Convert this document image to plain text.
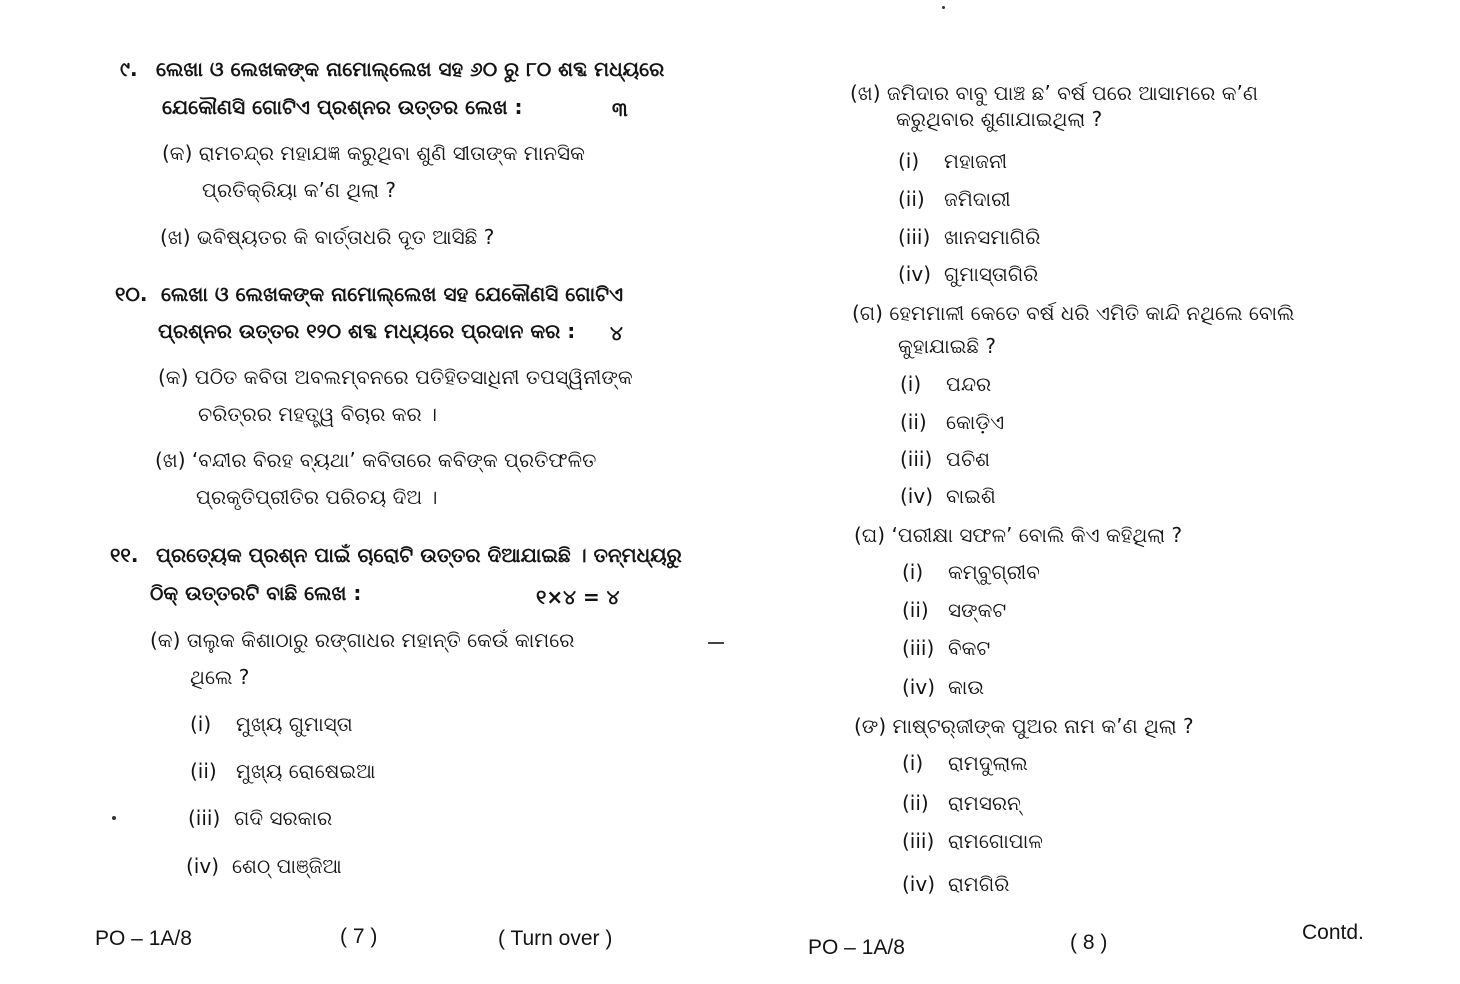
୯. ଲେଖା ଓ ଲେଖକଙ୍କ ନାମୋଲ୍ଲେଖ ସହ ୬୦ ରୁ ୮୦ ଶବ୍ଦ ମଧ୍ୟରେ
ଯେକୌଣସି ଗୋଟିଏ ପ୍ରଶ୍ନର ଉତ୍ତର ଲେଖ :	୩
(କ) ରାମଚନ୍ଦ୍ର ମହାଯଜ୍ଞ କରୁଥିବା ଶୁଣି ସୀତାଙ୍କ ମାନସିକ
ପ୍ରତିକ୍ରିୟା କ’ଣ ଥିଲା ?
(ଖ) ଭବିଷ୍ୟତର କି ବାର୍ତ୍ତାଧରି ଦୂତ ଆସିଛି ?
୧୦. ଲେଖା ଓ ଲେଖକଙ୍କ ନାମୋଲ୍ଲେଖ ସହ ଯେକୌଣସି ଗୋଟିଏ
ପ୍ରଶ୍ନର ଉତ୍ତର ୧୨୦ ଶବ୍ଦ ମଧ୍ୟରେ ପ୍ରଦାନ କର : ୪
(କ) ପଠିତ କବିତା ଅବଲମ୍ବନରେ ପତିହିତସାଧିନୀ ତପସ୍ୱିନୀଙ୍କ
ଚରିତ୍ରର ମହତ୍ତ୍ୱ ବିଚାର କର ।
(ଖ) ‘ବନ୍ଦୀର ବିରହ ବ୍ୟଥା’ କବିତାରେ କବିଙ୍କ ପ୍ରତିଫଳିତ
ପ୍ରକୃତିପ୍ରୀତିର ପରିଚୟ ଦିଅ ।
୧୧. ପ୍ରତ୍ୟେକ ପ୍ରଶ୍ନ ପାଇଁ ଚାରୋଟି ଉତ୍ତର ଦିଆଯାଇଛି । ତନ୍ମଧ୍ୟରୁ
ଠିକ୍ ଉତ୍ତରଟି ବାଛି ଲେଖ :	୧×୪ = ୪
(କ) ତାଲୁକ କିଶାଠାରୁ ରଙ୍ଗାଧର ମହାନ୍ତି କେଉଁ କାମରେ
ଥିଲେ ?
(i) ମୁଖ୍ୟ ଗୁମାସ୍ତା
(ii) ମୁଖ୍ୟ ରୋଷେଇଆ
(iii) ଗଦି ସରକାର
(iv) ଶେଠ୍ ପାଞ୍ଜିଆ
PO – 1A/8	( 7 )	( Turn over )
(ଖ) ଜମିଦାର ବାବୁ ପାଞ୍ଚ ଛ’ ବର୍ଷ ପରେ ଆସାମରେ କ’ଣ
କରୁଥିବାର ଶୁଣାଯାଇଥିଲା ?
(i) ମହାଜନୀ
(ii) ଜମିଦାରୀ
(iii) ଖାନସମାଗିରି
(iv) ଗୁମାସ୍ତାଗିରି
(ଗ) ହେମମାଳୀ କେତେ ବର୍ଷ ଧରି ଏମିତି କାନ୍ଦି ନଥିଲେ ବୋଲି
କୁହାଯାଇଛି ?
(i) ପନ୍ଦର
(ii) କୋଡ଼ିଏ
(iii) ପଚିଶ
(iv) ବାଇଶି
(ଘ) ‘ପରୀକ୍ଷା ସଫଳ’ ବୋଲି କିଏ କହିଥିଲା ?
(i) କମ୍ବୁଗ୍ରୀବ
(ii) ସଙ୍କଟ
(iii) ବିକଟ
(iv) କାଉ
(ଙ) ମାଷ୍ଟର୍‌ଜୀଙ୍କ ପୁଅର ନାମ କ’ଣ ଥିଲା ?
(i) ରାମଦୁଲାଲ
(ii) ରାମସରନ୍
(iii) ରାମଗୋପାଳ
(iv) ରାମଗିରି
PO – 1A/8	( 8 )	Contd.
